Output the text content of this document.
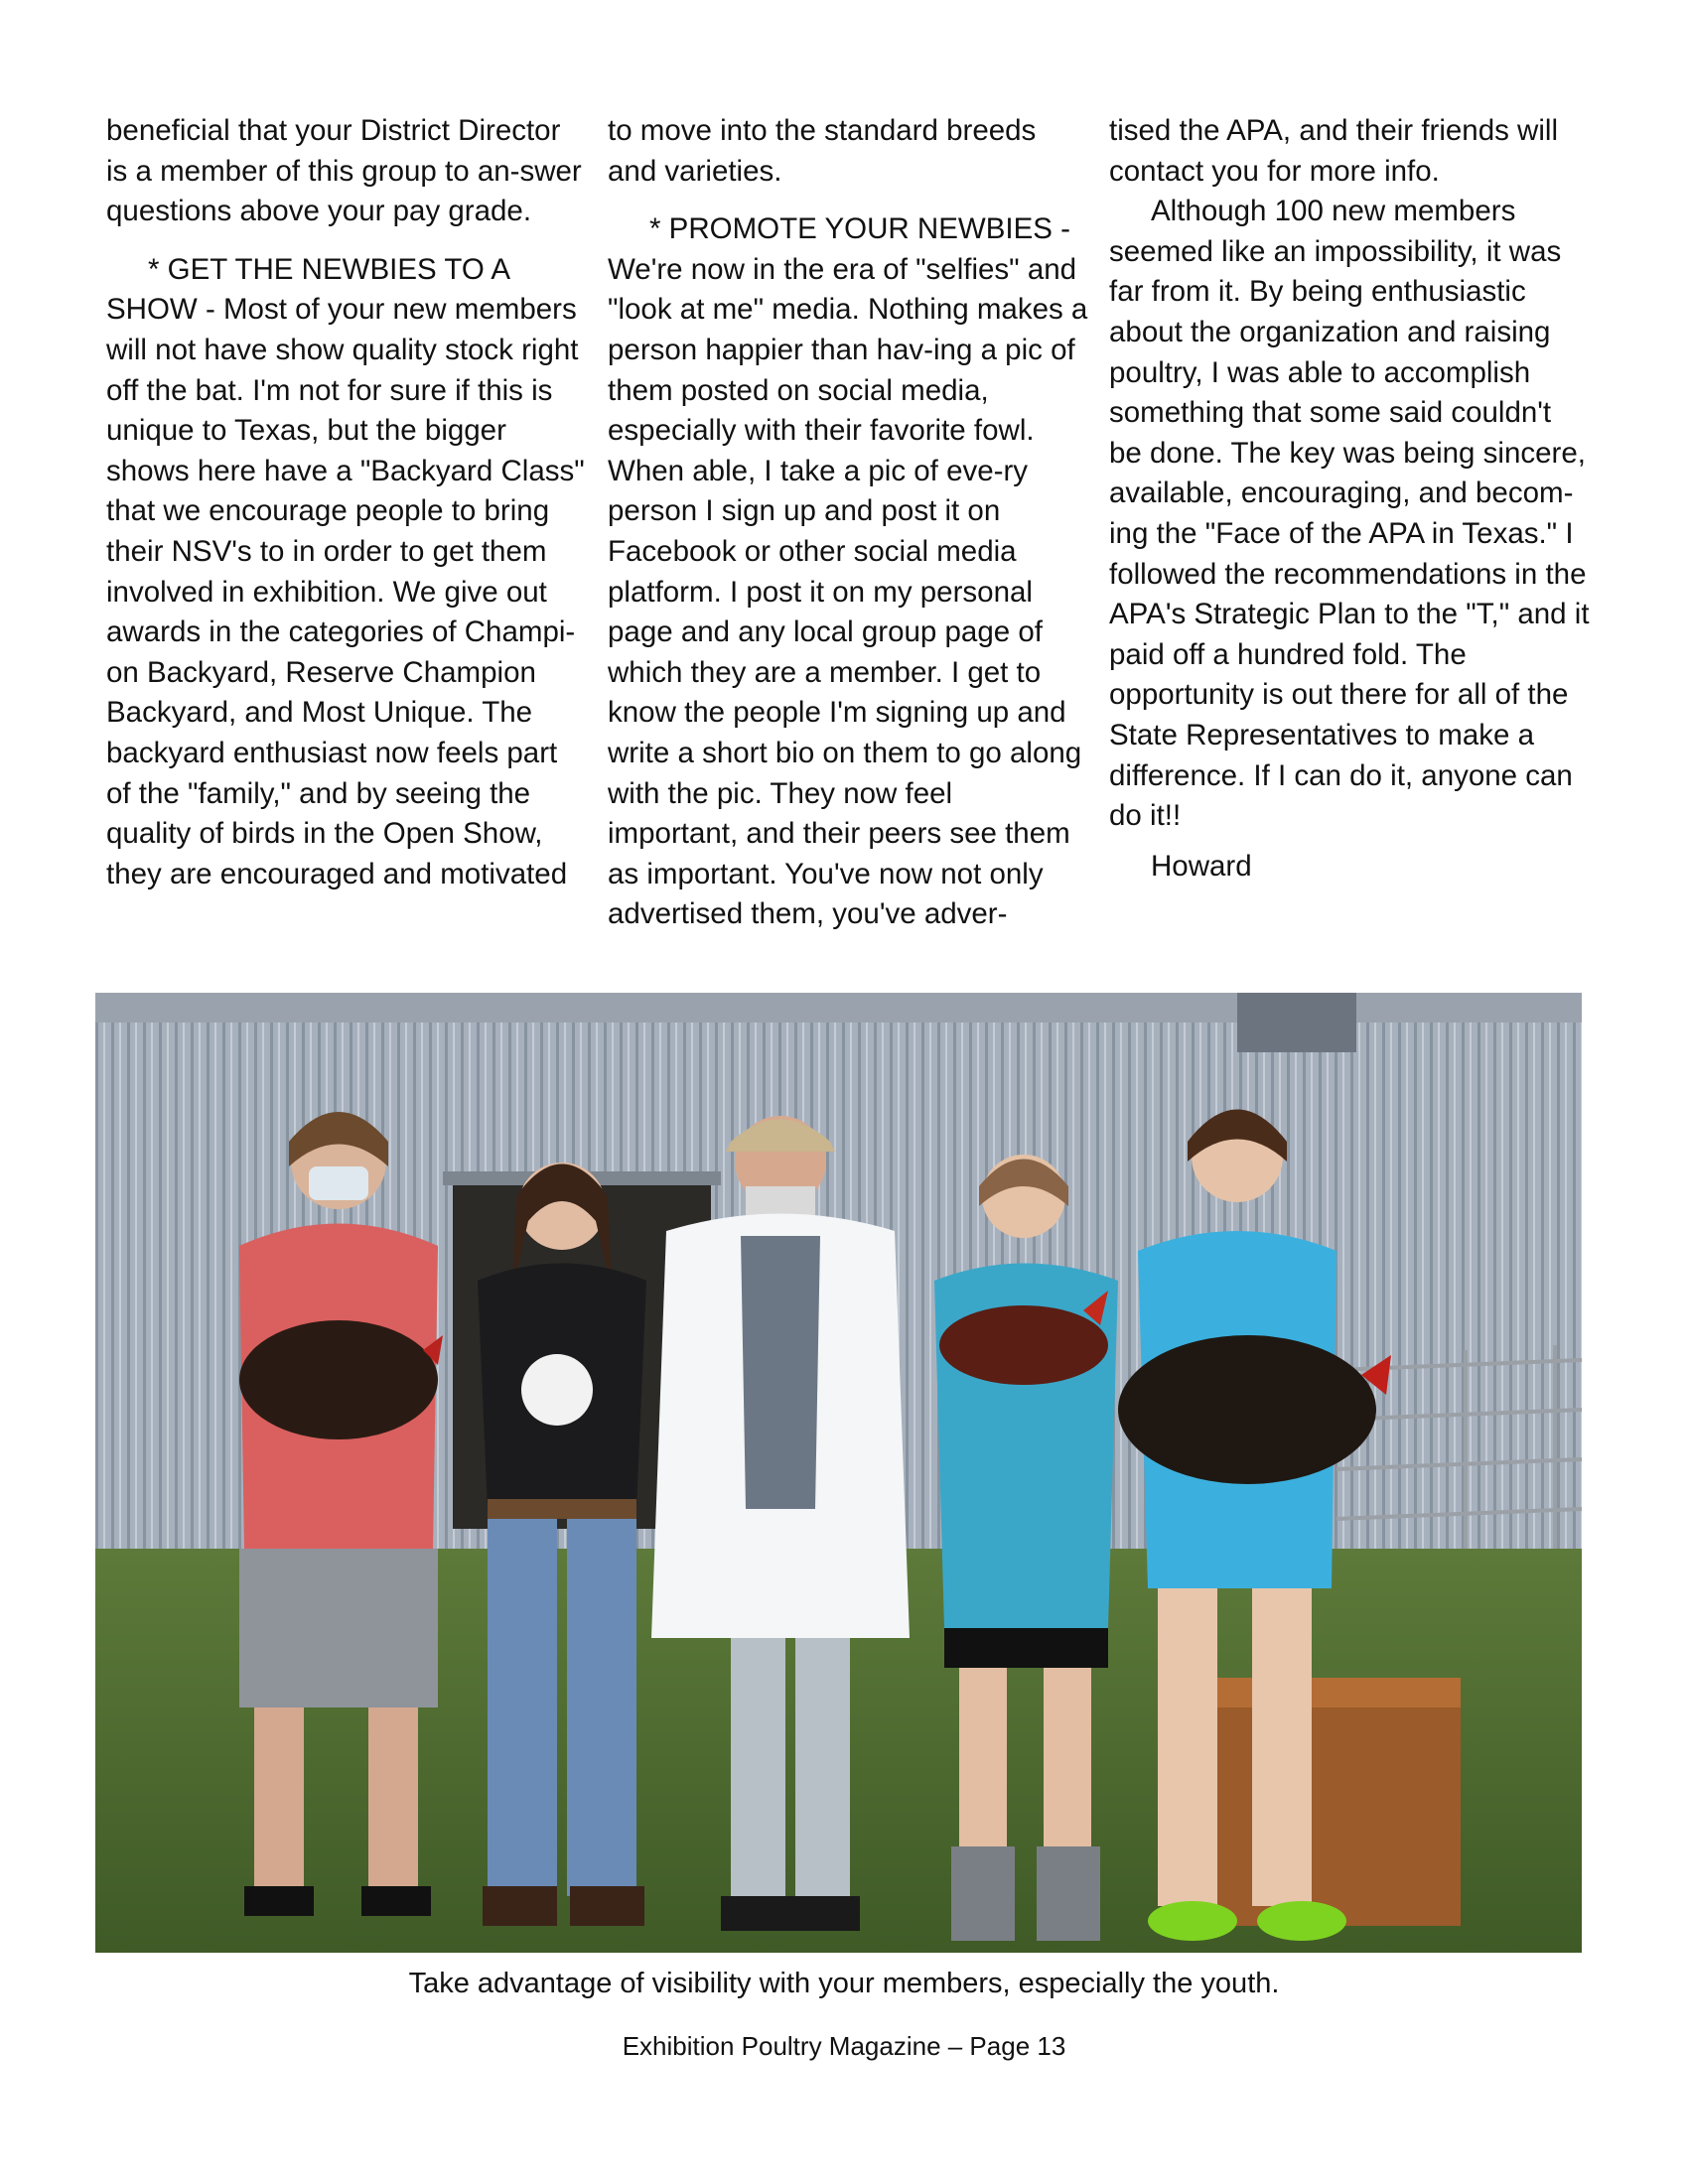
beneficial that your District Director is a member of this group to an-swer questions above your pay grade.

* GET THE NEWBIES TO A SHOW - Most of your new members will not have show quality stock right off the bat. I'm not for sure if this is unique to Texas, but the bigger shows here have a "Backyard Class" that we encourage people to bring their NSV's to in order to get them involved in exhibition. We give out awards in the categories of Champi-on Backyard, Reserve Champion Backyard, and Most Unique. The backyard enthusiast now feels part of the "family," and by seeing the quality of birds in the Open Show, they are encouraged and motivated

to move into the standard breeds and varieties.

* PROMOTE YOUR NEWBIES - We're now in the era of "selfies" and "look at me" media. Nothing makes a person happier than hav-ing a pic of them posted on social media, especially with their favorite fowl. When able, I take a pic of eve-ry person I sign up and post it on Facebook or other social media platform. I post it on my personal page and any local group page of which they are a member. I get to know the people I'm signing up and write a short bio on them to go along with the pic. They now feel important, and their peers see them as important. You've now not only advertised them, you've adver-

tised the APA, and their friends will contact you for more info.

Although 100 new members seemed like an impossibility, it was far from it. By being enthusiastic about the organization and raising poultry, I was able to accomplish something that some said couldn't be done. The key was being sincere, available, encouraging, and becom-ing the "Face of the APA in Texas." I followed the recommendations in the APA's Strategic Plan to the "T," and it paid off a hundred fold. The opportunity is out there for all of the State Representatives to make a difference. If I can do it, anyone can do it!!

Howard

Take advantage of visibility with your members, especially the youth.
Exhibition Poultry Magazine – Page 13
